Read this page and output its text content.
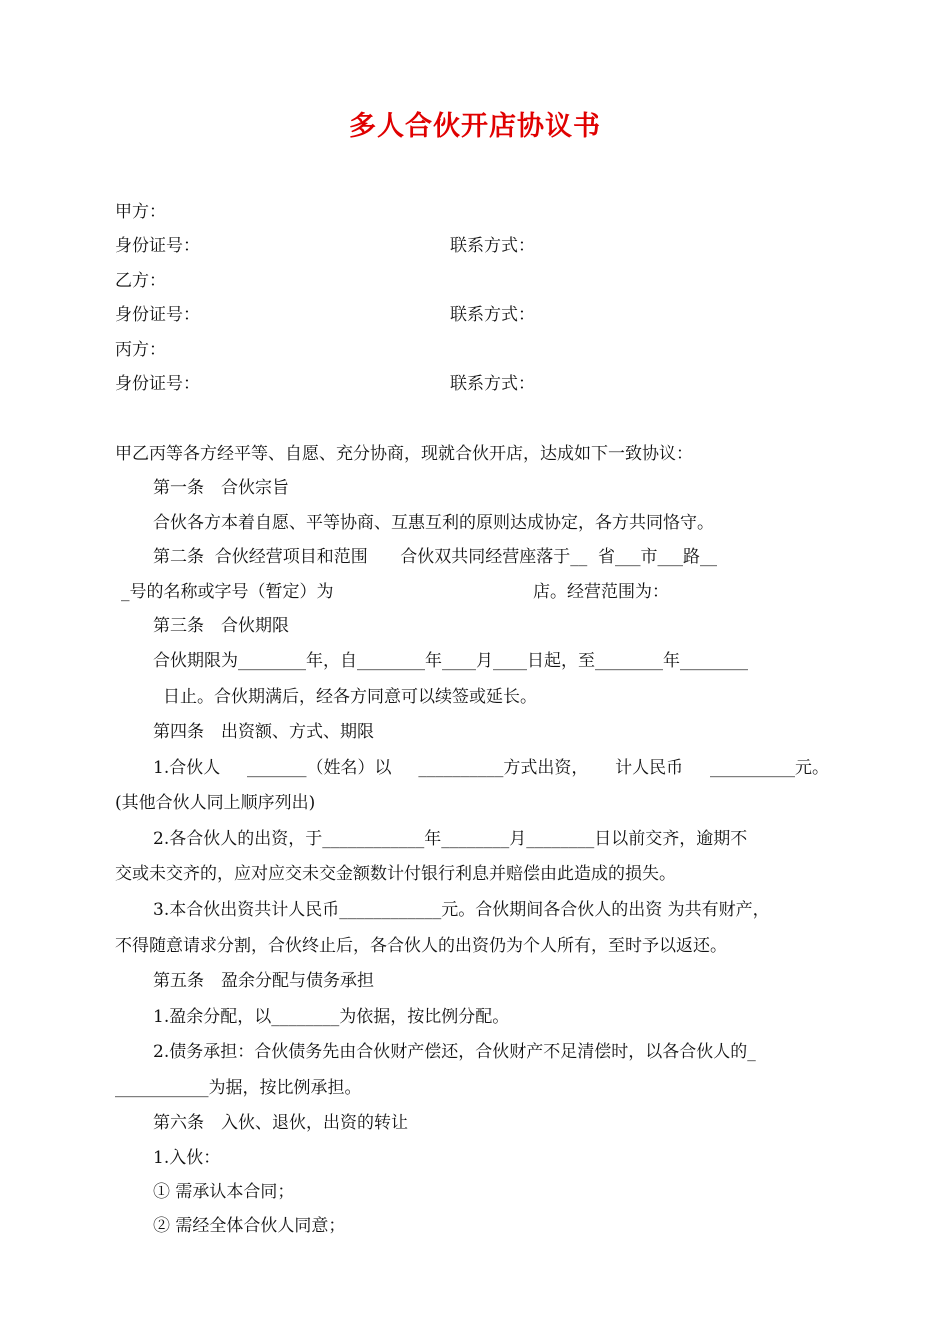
多人合伙开店协议书
甲方：
身份证号：	联系方式：
乙方：
身份证号：	联系方式：
丙方：
身份证号：	联系方式：
甲乙丙等各方经平等、自愿、充分协商，现就合伙开店，达成如下一致协议：
第一条　合伙宗旨
合伙各方本着自愿、平等协商、互惠互利的原则达成协定，各方共同恪守。
第二条  合伙经营项目和范围      合伙双共同经营座落于__  省___市___路__
_号的名称或字号（暂定）为	店。经营范围为：
第三条　合伙期限
合伙期限为________年，自________年____月____日起，至________年________
日止。合伙期满后，经各方同意可以续签或延长。
第四条　出资额、方式、期限
1.合伙人 _______（姓名）以 __________方式出资， 计人民币 __________元。
(其他合伙人同上顺序列出)
2.各合伙人的出资，于____________年________月________日以前交齐，逾期不
交或未交齐的，应对应交未交金额数计付银行利息并赔偿由此造成的损失。
3.本合伙出资共计人民币____________元。合伙期间各合伙人的出资 为共有财产，
不得随意请求分割，合伙终止后，各合伙人的出资仍为个人所有，至时予以返还。
第五条　盈余分配与债务承担
1.盈余分配，以________为依据，按比例分配。
2.债务承担：合伙债务先由合伙财产偿还，合伙财产不足清偿时，以各合伙人的_
___________为据，按比例承担。
第六条　入伙、退伙，出资的转让
1.入伙：
① 需承认本合同；
② 需经全体合伙人同意；
